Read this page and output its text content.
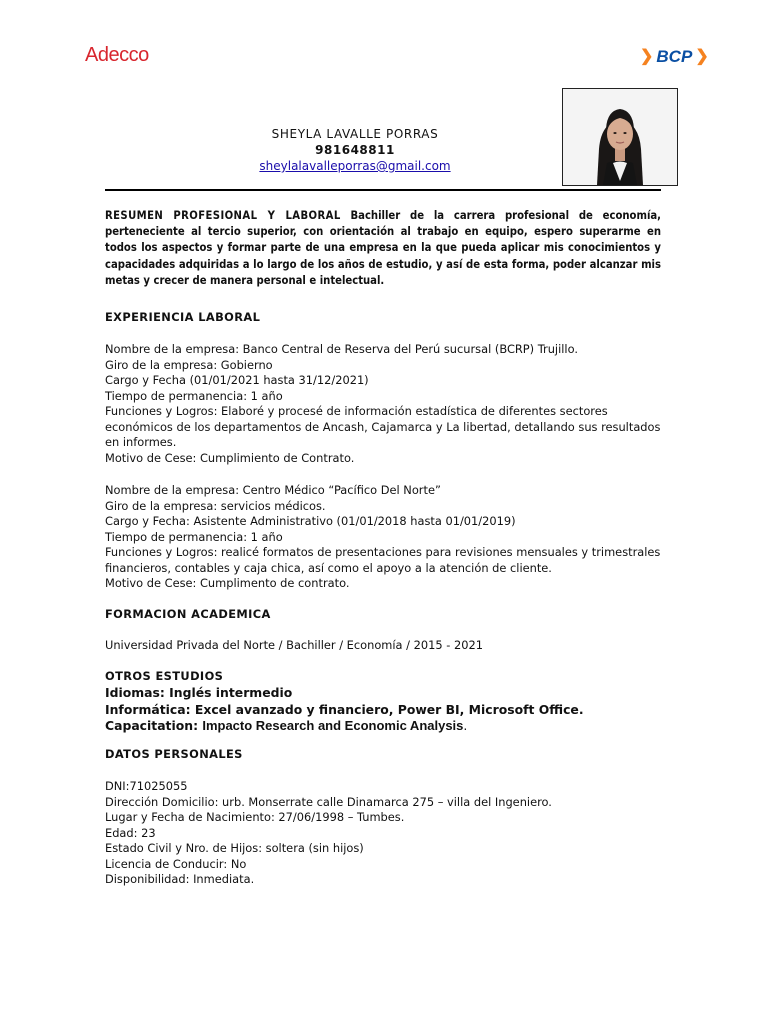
Adecco	❯ BCP ❯
SHEYLA LAVALLE PORRAS
981648811
sheylalavalleporras@gmail.com
RESUMEN PROFESIONAL Y LABORAL Bachiller de la carrera profesional de economía, perteneciente al tercio superior, con orientación al trabajo en equipo, espero superarme en todos los aspectos y formar parte de una empresa en la que pueda aplicar mis conocimientos y capacidades adquiridas a lo largo de los años de estudio, y así de esta forma, poder alcanzar mis metas y crecer de manera personal e intelectual.
EXPERIENCIA LABORAL
Nombre de la empresa: Banco Central de Reserva del Perú sucursal (BCRP) Trujillo.
Giro de la empresa: Gobierno
Cargo y Fecha (01/01/2021 hasta 31/12/2021)
Tiempo de permanencia: 1 año
Funciones y Logros: Elaboré y procesé de información estadística de diferentes sectores económicos de los departamentos de Ancash, Cajamarca y La libertad, detallando sus resultados en informes.
Motivo de Cese: Cumplimiento de Contrato.
Nombre de la empresa: Centro Médico “Pacífico Del Norte”
Giro de la empresa: servicios médicos.
Cargo y Fecha: Asistente Administrativo (01/01/2018 hasta 01/01/2019)
Tiempo de permanencia: 1 año
Funciones y Logros: realicé formatos de presentaciones para revisiones mensuales y trimestrales financieros, contables y caja chica, así como el apoyo a la atención de cliente.
Motivo de Cese: Cumplimento de contrato.
FORMACION ACADEMICA
Universidad Privada del Norte / Bachiller / Economía / 2015 - 2021
OTROS ESTUDIOS
Idiomas: Inglés intermedio
Informática: Excel avanzado y financiero, Power BI, Microsoft Office.
Capacitation: Impacto Research and Economic Analysis.
DATOS PERSONALES
DNI:71025055
Dirección Domicilio: urb. Monserrate calle Dinamarca 275 – villa del Ingeniero.
Lugar y Fecha de Nacimiento: 27/06/1998 – Tumbes.
Edad: 23
Estado Civil y Nro. de Hijos: soltera (sin hijos)
Licencia de Conducir: No
Disponibilidad: Inmediata.
